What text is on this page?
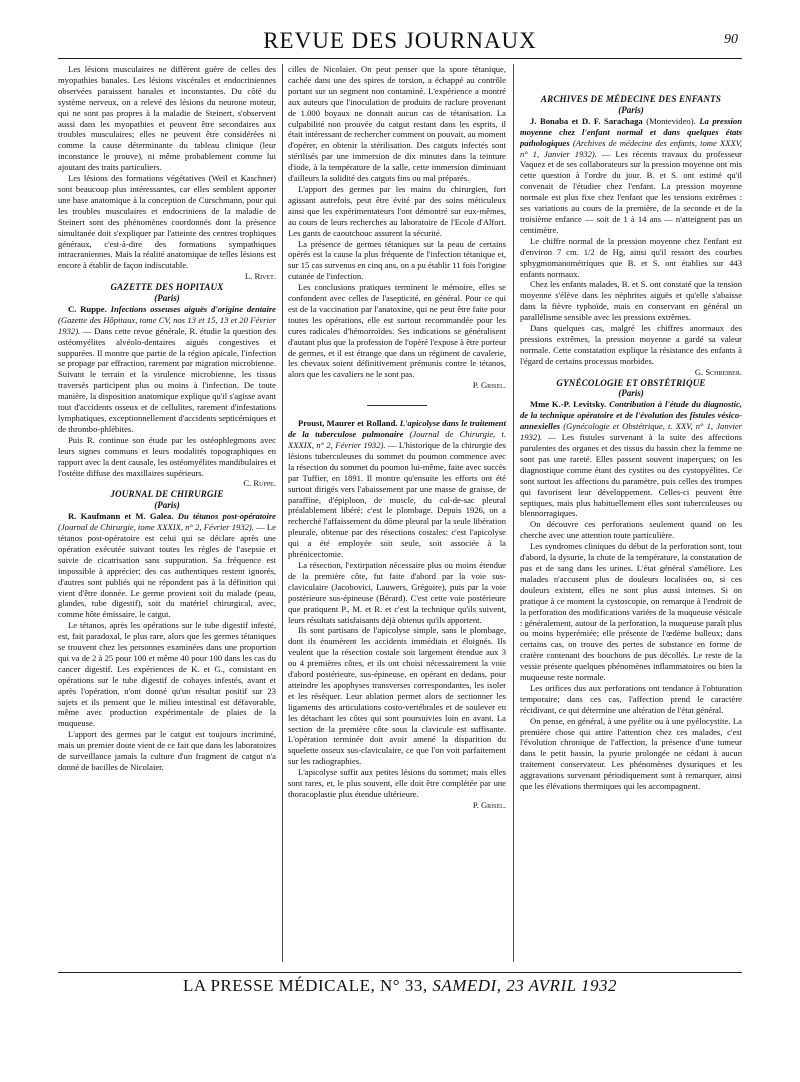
REVUE DES JOURNAUX	90

Les lésions musculaires ne diffèrent guère de celles des myopathies banales. Les lésions viscérales et endocriniennes observées paraissent banales et inconstantes. Du côté du système nerveux, on a relevé des lésions du neurone moteur, qui ne sont pas propres à la maladie de Steinert, s'observent aussi dans les myopathies et peuvent être secondaires aux troubles musculaires; elles ne peuvent être considérées ni comme la cause déterminante du tableau clinique (leur inconstance le prouve), ni même probablement comme lui ajoutant des traits particuliers.

Les lésions des formations végétatives (Weil et Kaschner) sont beaucoup plus intéressantes, car elles semblent apporter une base anatomique à la conception de Curschmann, pour qui les troubles musculaires et endocriniens de la maladie de Steinert sont des phénomènes coordonnés dont la présence simultanée doit s'expliquer par l'atteinte des centres trophiques généraux, c'est-à-dire des formations sympathiques intracraniennes. Mais la réalité anatomique de telles lésions est encore à établir de façon indiscutable.

L. Rivet.

GAZETTE DES HOPITAUX

(Paris)

C. Ruppe. Infections osseuses aiguës d'origine dentaire (Gazette des Hôpitaux, tome CV, nos 13 et 15, 13 et 20 Février 1932). — Dans cette revue générale, R. étudie la question des ostéomyélites alvéolo-dentaires aiguës congestives et suppurées. Il montre que partie de la région apicale, l'infection se propage par effraction, rarement par migration microbienne. Suivant le terrain et la virulence microbienne, les tissus traversés participent plus ou moins à l'infection. De toute manière, la disposition anatomique explique qu'il s'agisse avant tout d'accidents osseux et de cellulites, rarement d'infestations lymphatiques, exceptionnellement d'accidents septicémiques et de thrombo-phlébites.

Puis R. continue son étude par les ostéophlegmons avec leurs signes communs et leurs modalités topographiques en rapport avec la dent causale, les ostéomyélites mandibulaires et l'ostéite diffuse des maxillaires supérieurs.

C. Ruppe.

JOURNAL DE CHIRURGIE

(Paris)

R. Kaufmann et M. Galea. Du tétanos post-opératoire (Journal de Chirurgie, tome XXXIX, n° 2, Février 1932). — Le tétanos post-opératoire est celui qui se déclare après une opération exécutée suivant toutes les règles de l'asepsie et suivie de cicatrisation sans suppuration. Sa fréquence est impossible à apprécier; des cas authentiques restent ignorés, d'autres sont publiés qui ne répondent pas à la définition qui vient d'être donnée. Le germe provient soit du malade (peau, glandes, tube digestif), soit du matériel chirurgical, avec, comme hôte émissaire, le catgut.

Le tétanos, après les opérations sur le tube digestif infesté, est, fait paradoxal, le plus rare, alors que les germes tétaniques se trouvent chez les personnes examinées dans une proportion qui va de 2 à 25 pour 100 et même 40 pour 100 dans les cas du cancer digestif. Les expériences de K. et G., consistant en opérations sur le tube digestif de cobayes infestés, avant et après l'opération, n'ont donné qu'un résultat positif sur 23 sujets et ils pensent que le milieu intestinal est défavorable, même avec production expérimentale de plaies de la muqueuse.

L'apport des germes par le catgut est toujours incriminé, mais un premier doute vient de ce fait que dans les laboratoires de surveillance jamais la culture d'un fragment de catgut n'a donné de bacilles de Nicolaier.

cilles de Nicolaier. On peut penser que la spore tétanique, cachée dans une des spires de torsion, a échappé au contrôle portant sur un segment non contaminé. L'expérience a montré aux auteurs que l'inoculation de produits de raclure provenant de 1.000 boyaux ne donnait aucun cas de tétanisation. La culpabilité non prouvée du catgut restant dans les esprits, il était intéressant de rechercher comment on pouvait, au moment d'opérer, en obtenir la stérilisation. Des catguts infectés sont stérilisés par une immersion de dix minutes dans la teinture d'iode, à la température de la salle, cette immersion diminuant d'ailleurs la solidité des catguts fins ou mal préparés.

L'apport des germes par les mains du chirurgien, fort agissant autrefois, peut être évité par des soins méticuleux ainsi que les expérimentateurs l'ont démontré sur eux-mêmes, au cours de leurs recherches au laboratoire de l'Ecole d'Alfort. Les gants de caoutchouc assurent la sécurité.

La présence de germes tétaniques sur la peau de certains opérés est la cause la plus fréquente de l'infection tétanique et, sur 15 cas survenus en cinq ans, on a pu établir 11 fois l'origine cutanée de l'infection.

Les conclusions pratiques terminent le mémoire, elles se confondent avec celles de l'asepticité, en général. Pour ce qui est de la vaccination par l'anatoxine, qui ne peut être faite pour toutes les opérations, elle est surtout recommandée pour les cures radicales d'hémorroïdes. Ses indications se généralisent d'autant plus que la profession de l'opéré l'expose à être porteur de germes, et il est étrange que dans un régiment de cavalerie, les chevaux soient définitivement prémunis contre le tétanos, alors que les cavaliers ne le sont pas.

P. Grisel.

Proust, Maurer et Rolland. L'apicolyse dans le traitement de la tuberculose pulmonaire (Journal de Chirurgie, t. XXXIX, n° 2, Février 1932). — L'historique de la chirurgie des lésions tuberculeuses du sommet du poumon commence avec la résection du sommet du poumon lui-même, faite avec succès par Tuffier, en 1891. Il montre qu'ensuite les efforts ont été surtout dirigés vers l'abaissement par une masse de graisse, de paraffine, d'épiploon, de muscle, du cul-de-sac pleural préalablement libéré: c'est le plombage. Depuis 1926, on a recherché l'affaissement du dôme pleural par la seule libération pleurale, obtenue par des résections costales: c'est l'apicolyse qui a été employée soit seule, soit associée à la phrénicectomie.

La résection, l'extirpation nécessaire plus ou moins étendue de la première côte, fut faite d'abord par la voie sus-claviculaire (Jacobovici, Lauwers, Grégoire), puis par la voie postérieure sus-épineuse (Bérard). C'est cette voie postérieure que pratiquent P., M. et R. et c'est la technique qu'ils suivent, leurs résultats satisfaisants déjà obtenus qu'ils apportent.

Ils sont partisans de l'apicolyse simple, sans le plombage, dont ils énumèrent les accidents immédiats et éloignés. Ils veulent que la résection costale soit largement étendue aux 3 ou 4 premières côtes, et ils ont choisi nécessairement la voie d'abord postérieure, sus-épineuse, en opérant en dedans, pour atteindre les apophyses transverses correspondantes, les isoler et les réséquer. Leur ablation permet alors de sectionner les ligaments des articulations costo-vertébrales et de soulever en les détachant les côtes qui sont poursuivies loin en avant. La section de la première côte sous la clavicule est suffisante. L'opération terminée doit avoir amené la disparition du squelette osseux sus-claviculaire, ce que l'on voit parfaitement sur les radiographies.

L'apicolyse suffit aux petites lésions du sommet; mais elles sont rares, et, le plus souvent, elle doit être complétée par une thoracoplastie plus étendue ultérieure.

P. Grisel.

ARCHIVES DE MÉDECINE DES ENFANTS

(Paris)

J. Bonaba et D. F. Sarachaga (Montevideo). La pression moyenne chez l'enfant normal et dans quelques états pathologiques (Archives de médecine des enfants, tome XXXV, n° 1, Janvier 1932). — Les récents travaux du professeur Vaquez et de ses collaborateurs sur la pression moyenne ont mis cette question à l'ordre du jour. B. et S. ont estimé qu'il convenait de l'étudier chez l'enfant. La pression moyenne normale est plus fixe chez l'enfant que les tensions extrêmes : ses variations au cours de la première, de la seconde et de la troisième enfance — soit de 1 à 14 ans — n'atteignent pas un centimètre.

Le chiffre normal de la pression moyenne chez l'enfant est d'environ 7 cm. 1/2 de Hg, ainsi qu'il ressort des courbes sphygmomanométriques que B. et S. ont établies sur 443 enfants normaux.

Chez les enfants malades, B. et S. ont constaté que la tension moyenne s'élève dans les néphrites aiguës et qu'elle s'abaisse dans la fièvre typhoïde, mais en conservant en général un parallélisme sensible avec les pressions extrêmes.

Dans quelques cas, malgré les chiffres anormaux des pressions extrêmes, la pression moyenne a gardé sa valeur normale. Cette constatation explique la résistance des enfants à l'égard de certains processus morbides.

G. Schreiber.

GYNÉCOLOGIE ET OBSTÉTRIQUE

(Paris)

Mme K.-P. Levitsky. Contribution à l'étude du diagnostic, de la technique opératoire et de l'évolution des fistules vésico-annexielles (Gynécologie et Obstétrique, t. XXV, n° 1, Janvier 1932). — Les fistules survenant à la suite des affections purulentes des organes et des tissus du bassin chez la femme ne sont pas une rareté. Elles passent souvent inaperçues; on les diagnostique comme étant des cystites ou des cystopyélites. Ce sont surtout les affections du paramètre, puis celles des trompes qui favorisent leur développement. Celles-ci peuvent être septiques, mais plus habituellement elles sont tuberculeuses ou blennorragiques.

On découvre ces perforations seulement quand on les cherche avec une attention toute particulière.

Les syndromes cliniques du début de la perforation sont, tout d'abord, la dysurie, la chute de la température, la constatation de pus et de sang dans les urines. L'état général s'améliore. Les malades n'accusent plus de douleurs localisées ou, si ces douleurs existent, elles ne sont plus aussi intenses. Si on pratique à ce moment la cystoscopie, on remarque à l'endroit de la perforation des modifications variées de la muqueuse vésicale : généralement, autour de la perforation, la muqueuse paraît plus ou moins hyperémiée; elle présente de l'œdème bulleux; dans certains cas, on trouve des pertes de substance en forme de cratère contenant des bouchons de pus décollés. Le reste de la vessie présente quelques phénomènes inflammatoires ou bien la muqueuse reste normale.

Les orifices dus aux perforations ont tendance à l'obturation temporaire; dans ces cas, l'affection prend le caractère récidivant, ce qui détermine une altération de l'état général.

On pense, en général, à une pyélite ou à une pyélocystite. La première chose qui attire l'attention chez ces malades, c'est l'évolution chronique de l'affection, la présence d'une tumeur dans le petit bassin, la pyurie prolongée ne cédant à aucun traitement conservateur. Les phénomènes dysuriques et les aggravations survenant périodiquement sont à remarquer, ainsi que les élévations thermiques qui les accompagnent.

LA PRESSE MÉDICALE, N° 33, SAMEDI, 23 AVRIL 1932
